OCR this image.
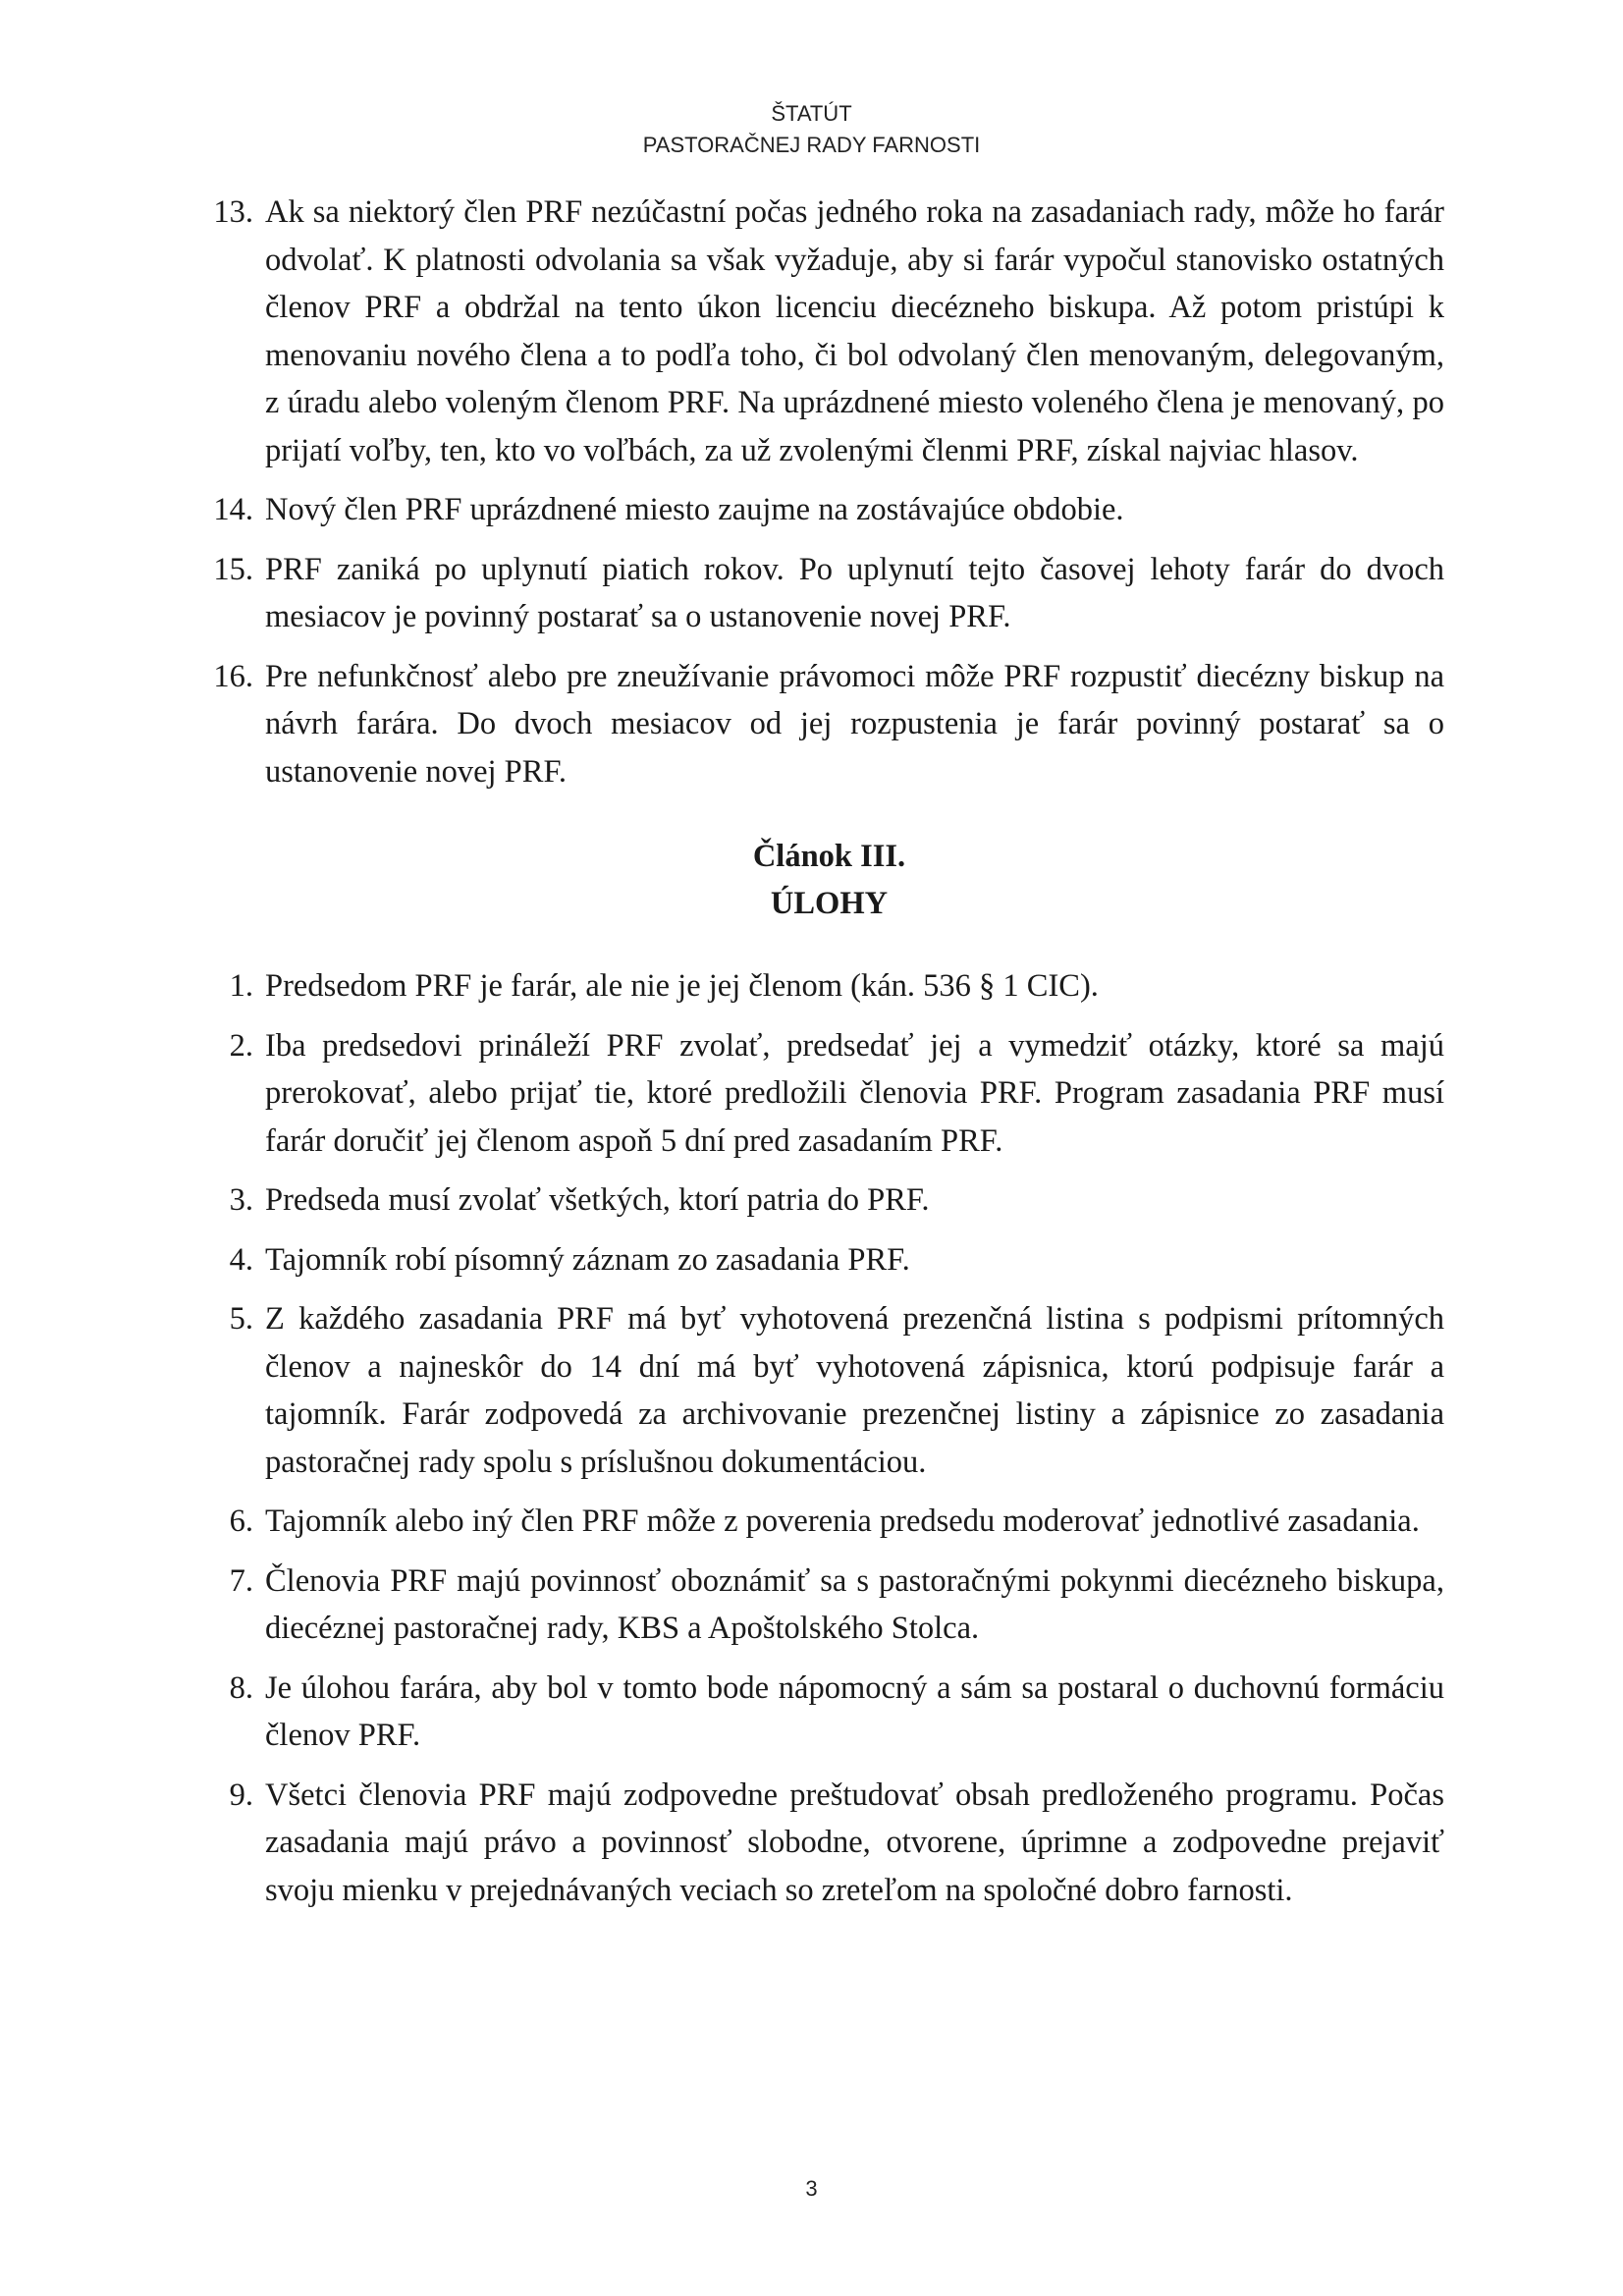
ŠTATÚT
PASTORAČNEJ RADY FARNOSTI
13. Ak sa niektorý člen PRF nezúčastní počas jedného roka na zasadaniach rady, môže ho farár odvolať. K platnosti odvolania sa však vyžaduje, aby si farár vypočul stanovisko ostatných členov PRF a obdržal na tento úkon licenciu diecézneho biskupa. Až potom pristúpi k menovaniu nového člena a to podľa toho, či bol odvolaný člen menovaným, delegovaným, z úradu alebo voleným členom PRF. Na uprázdnené miesto voleného člena je menovaný, po prijatí voľby, ten, kto vo voľbách, za už zvolenými členmi PRF, získal najviac hlasov.
14. Nový člen PRF uprázdnené miesto zaujme na zostávajúce obdobie.
15. PRF zaniká po uplynutí piatich rokov. Po uplynutí tejto časovej lehoty farár do dvoch mesiacov je povinný postarať sa o ustanovenie novej PRF.
16. Pre nefunkčnosť alebo pre zneužívanie právomoci môže PRF rozpustiť diecézny biskup na návrh farára. Do dvoch mesiacov od jej rozpustenia je farár povinný postarať sa o ustanovenie novej PRF.
Článok III.
ÚLOHY
1. Predsedom PRF je farár, ale nie je jej členom (kán. 536 § 1 CIC).
2. Iba predsedovi prináleží PRF zvolať, predsedať jej a vymedziť otázky, ktoré sa majú prerokovať, alebo prijať tie, ktoré predložili členovia PRF. Program zasadania PRF musí farár doručiť jej členom aspoň 5 dní pred zasadaním PRF.
3. Predseda musí zvolať všetkých, ktorí patria do PRF.
4. Tajomník robí písomný záznam zo zasadania PRF.
5. Z každého zasadania PRF má byť vyhotovená prezenčná listina s podpismi prítomných členov a najneskôr do 14 dní má byť vyhotovená zápisnica, ktorú podpisuje farár a tajomník. Farár zodpovedá za archivovanie prezenčnej listiny a zápisnice zo zasadania pastoračnej rady spolu s príslušnou dokumentáciou.
6. Tajomník alebo iný člen PRF môže z poverenia predsedu moderovať jednotlivé zasadania.
7. Členovia PRF majú povinnosť oboznámiť sa s pastoračnými pokynmi diecézneho biskupa, diecéznej pastoračnej rady, KBS a Apoštolského Stolca.
8. Je úlohou farára, aby bol v tomto bode nápomocný a sám sa postaral o duchovnú formáciu členov PRF.
9. Všetci členovia PRF majú zodpovedne preštudovať obsah predloženého programu. Počas zasadania majú právo a povinnosť slobodne, otvorene, úprimne a zodpovedne prejaviť svoju mienku v prejednávaných veciach so zreteľom na spoločné dobro farnosti.
3
